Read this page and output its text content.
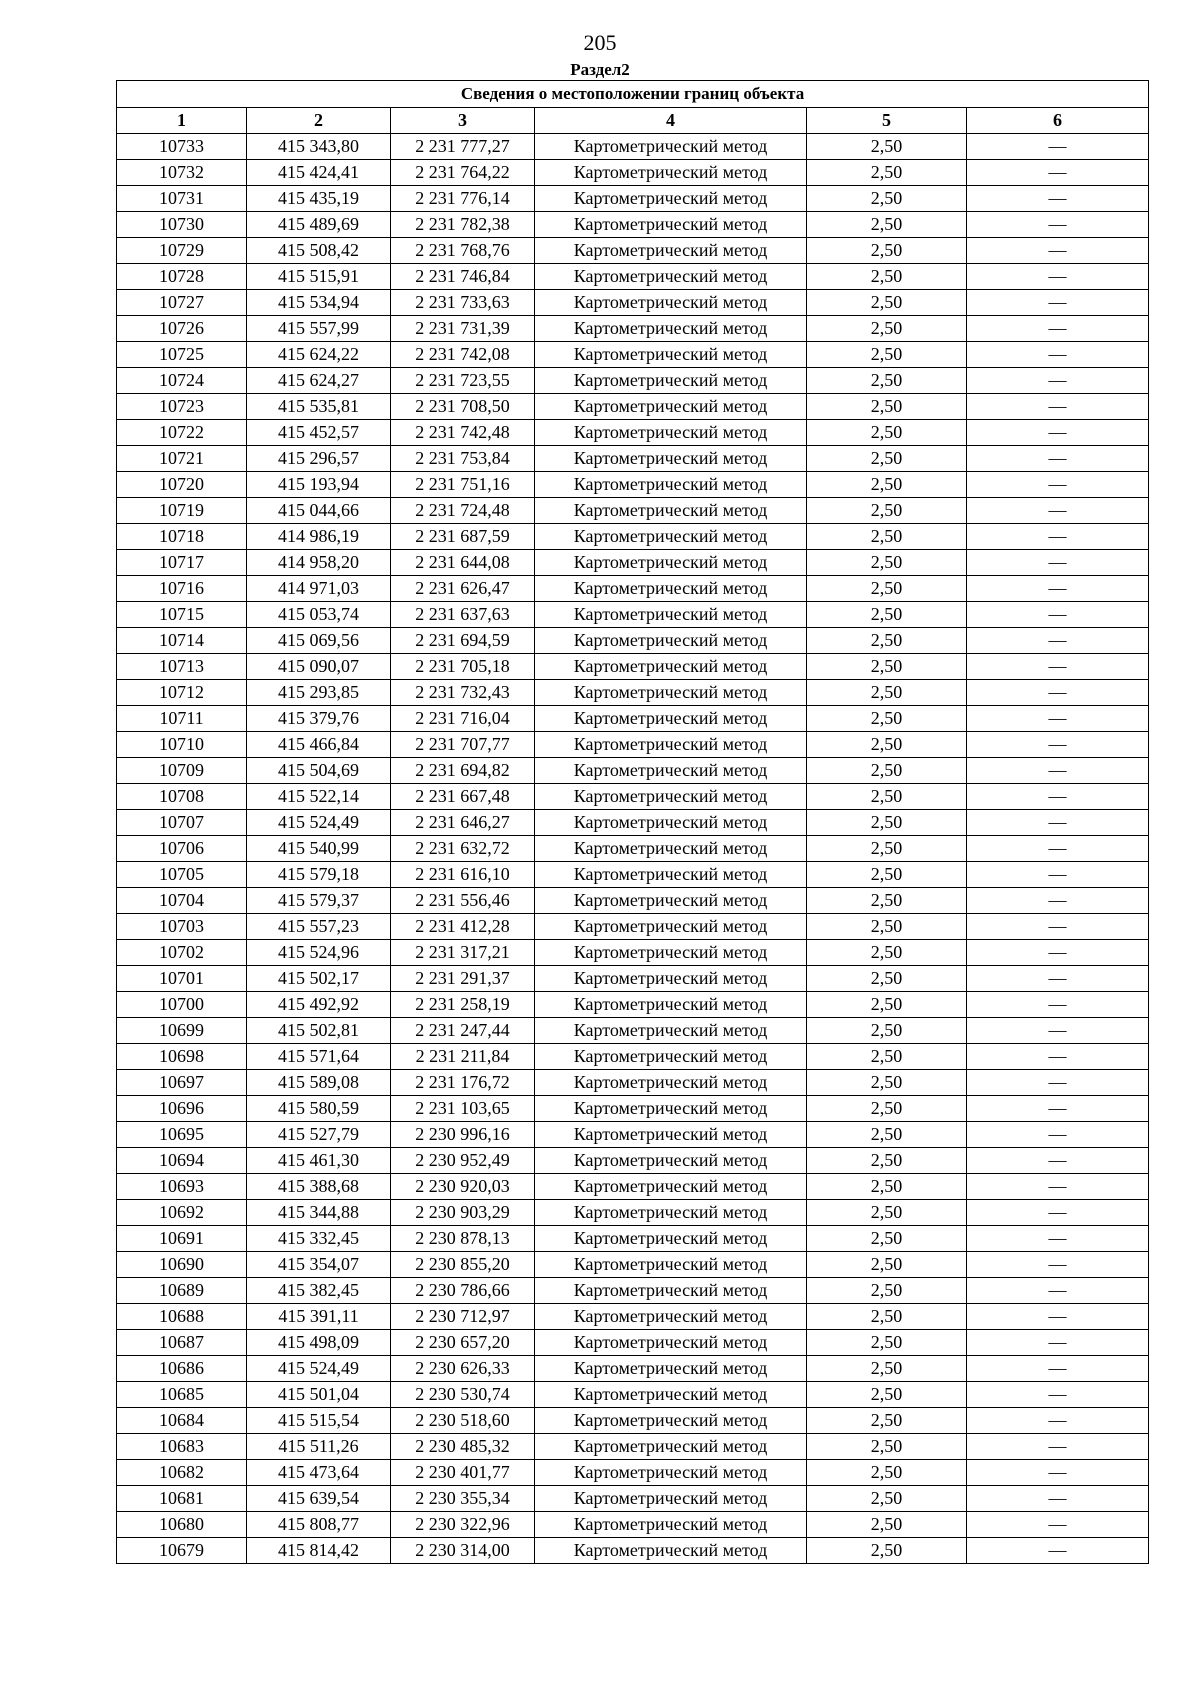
205
Раздел2
Сведения о местоположении границ объекта					
1	2	3	4	5	6
10733	415 343,80	2 231 777,27	Картометрический метод	2,50	—
10732	415 424,41	2 231 764,22	Картометрический метод	2,50	—
10731	415 435,19	2 231 776,14	Картометрический метод	2,50	—
10730	415 489,69	2 231 782,38	Картометрический метод	2,50	—
10729	415 508,42	2 231 768,76	Картометрический метод	2,50	—
10728	415 515,91	2 231 746,84	Картометрический метод	2,50	—
10727	415 534,94	2 231 733,63	Картометрический метод	2,50	—
10726	415 557,99	2 231 731,39	Картометрический метод	2,50	—
10725	415 624,22	2 231 742,08	Картометрический метод	2,50	—
10724	415 624,27	2 231 723,55	Картометрический метод	2,50	—
10723	415 535,81	2 231 708,50	Картометрический метод	2,50	—
10722	415 452,57	2 231 742,48	Картометрический метод	2,50	—
10721	415 296,57	2 231 753,84	Картометрический метод	2,50	—
10720	415 193,94	2 231 751,16	Картометрический метод	2,50	—
10719	415 044,66	2 231 724,48	Картометрический метод	2,50	—
10718	414 986,19	2 231 687,59	Картометрический метод	2,50	—
10717	414 958,20	2 231 644,08	Картометрический метод	2,50	—
10716	414 971,03	2 231 626,47	Картометрический метод	2,50	—
10715	415 053,74	2 231 637,63	Картометрический метод	2,50	—
10714	415 069,56	2 231 694,59	Картометрический метод	2,50	—
10713	415 090,07	2 231 705,18	Картометрический метод	2,50	—
10712	415 293,85	2 231 732,43	Картометрический метод	2,50	—
10711	415 379,76	2 231 716,04	Картометрический метод	2,50	—
10710	415 466,84	2 231 707,77	Картометрический метод	2,50	—
10709	415 504,69	2 231 694,82	Картометрический метод	2,50	—
10708	415 522,14	2 231 667,48	Картометрический метод	2,50	—
10707	415 524,49	2 231 646,27	Картометрический метод	2,50	—
10706	415 540,99	2 231 632,72	Картометрический метод	2,50	—
10705	415 579,18	2 231 616,10	Картометрический метод	2,50	—
10704	415 579,37	2 231 556,46	Картометрический метод	2,50	—
10703	415 557,23	2 231 412,28	Картометрический метод	2,50	—
10702	415 524,96	2 231 317,21	Картометрический метод	2,50	—
10701	415 502,17	2 231 291,37	Картометрический метод	2,50	—
10700	415 492,92	2 231 258,19	Картометрический метод	2,50	—
10699	415 502,81	2 231 247,44	Картометрический метод	2,50	—
10698	415 571,64	2 231 211,84	Картометрический метод	2,50	—
10697	415 589,08	2 231 176,72	Картометрический метод	2,50	—
10696	415 580,59	2 231 103,65	Картометрический метод	2,50	—
10695	415 527,79	2 230 996,16	Картометрический метод	2,50	—
10694	415 461,30	2 230 952,49	Картометрический метод	2,50	—
10693	415 388,68	2 230 920,03	Картометрический метод	2,50	—
10692	415 344,88	2 230 903,29	Картометрический метод	2,50	—
10691	415 332,45	2 230 878,13	Картометрический метод	2,50	—
10690	415 354,07	2 230 855,20	Картометрический метод	2,50	—
10689	415 382,45	2 230 786,66	Картометрический метод	2,50	—
10688	415 391,11	2 230 712,97	Картометрический метод	2,50	—
10687	415 498,09	2 230 657,20	Картометрический метод	2,50	—
10686	415 524,49	2 230 626,33	Картометрический метод	2,50	—
10685	415 501,04	2 230 530,74	Картометрический метод	2,50	—
10684	415 515,54	2 230 518,60	Картометрический метод	2,50	—
10683	415 511,26	2 230 485,32	Картометрический метод	2,50	—
10682	415 473,64	2 230 401,77	Картометрический метод	2,50	—
10681	415 639,54	2 230 355,34	Картометрический метод	2,50	—
10680	415 808,77	2 230 322,96	Картометрический метод	2,50	—
10679	415 814,42	2 230 314,00	Картометрический метод	2,50	—
